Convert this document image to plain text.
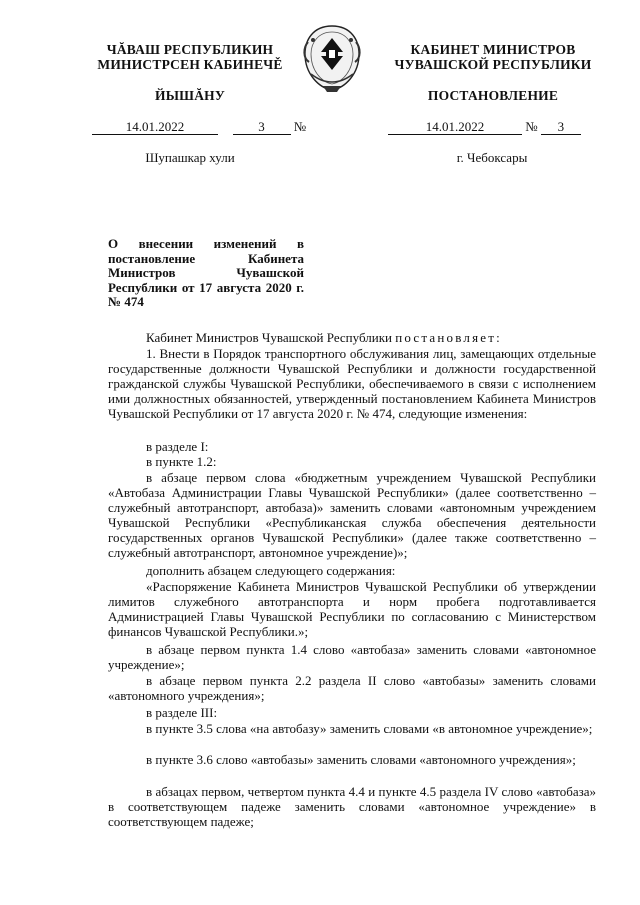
ЧĂВАШ РЕСПУБЛИКИН
МИНИСТРСЕН КАБИНЕЧĚ
ЙЫШĂНУ
КАБИНЕТ МИНИСТРОВ
ЧУВАШСКОЙ РЕСПУБЛИКИ
ПОСТАНОВЛЕНИЕ
14.01.2022	3 №	14.01.2022	№ 3
Шупашкар хули	г. Чебоксары
О внесении изменений в постановление Кабинета Министров Чувашской Республики от 17 августа 2020 г. № 474

Кабинет Министров Чувашской Республики постановляет:

1. Внести в Порядок транспортного обслуживания лиц, замещающих отдельные государственные должности Чувашской Республики и должности государственной гражданской службы Чувашской Республики, обеспечиваемого в связи с исполнением ими должностных обязанностей, утвержденный постановлением Кабинета Министров Чувашской Республики от 17 августа 2020 г. № 474, следующие изменения:

в разделе I:

в пункте 1.2:

в абзаце первом слова «бюджетным учреждением Чувашской Республики «Автобаза Администрации Главы Чувашской Республики» (далее соответственно – служебный автотранспорт, автобаза)» заменить словами «автономным учреждением Чувашской Республики «Республиканская служба обеспечения деятельности государственных органов Чувашской Республики» (далее также соответственно – служебный автотранспорт, автономное учреждение)»;

дополнить абзацем следующего содержания:

«Распоряжение Кабинета Министров Чувашской Республики об утверждении лимитов служебного автотранспорта и норм пробега подготавливается Администрацией Главы Чувашской Республики по согласованию с Министерством финансов Чувашской Республики.»;

в абзаце первом пункта 1.4 слово «автобаза» заменить словами «автономное учреждение»;

в абзаце первом пункта 2.2 раздела II слово «автобазы» заменить словами «автономного учреждения»;

в разделе III:

в пункте 3.5 слова «на автобазу» заменить словами «в автономное учреждение»;

в пункте 3.6 слово «автобазы» заменить словами «автономного учреждения»;

в абзацах первом, четвертом пункта 4.4 и пункте 4.5 раздела IV слово «автобаза» в соответствующем падеже заменить словами «автономное учреждение» в соответствующем падеже;
